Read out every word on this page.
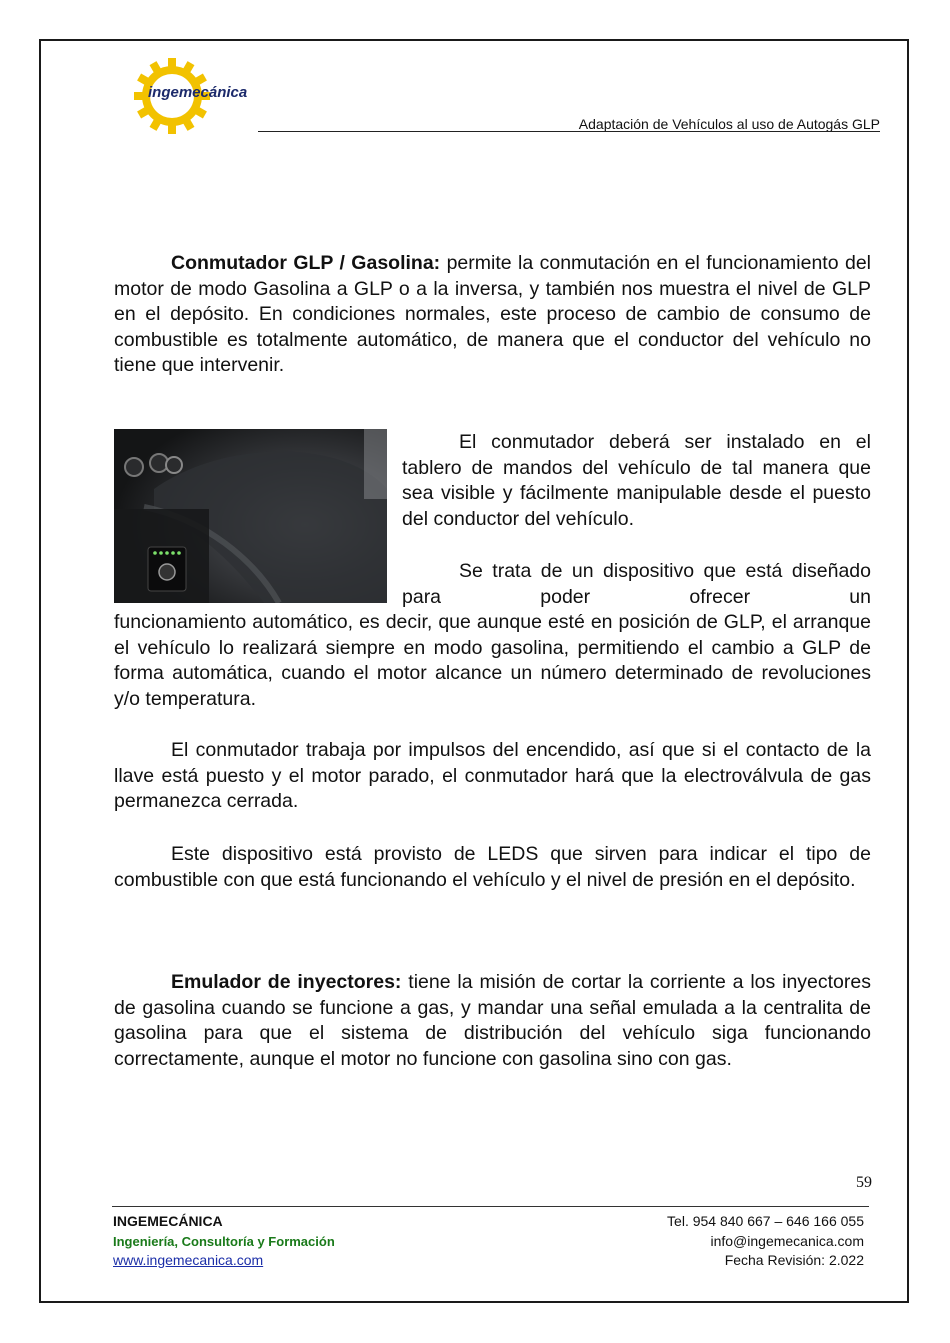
ingemecánica
Adaptación de Vehículos al uso de Autogás GLP
Conmutador GLP / Gasolina: permite la conmutación en el funcionamiento del motor de modo Gasolina a GLP o a la inversa, y también nos muestra el nivel de GLP en el depósito. En condiciones normales, este proceso de cambio de consumo de combustible es totalmente automático, de manera que el conductor del vehículo no tiene que intervenir.
El conmutador deberá ser instalado en el tablero de mandos del vehículo de tal manera que sea visible y fácilmente manipulable desde el puesto del conductor del vehículo.
Se trata de un dispositivo que está diseñado para poder ofrecer un
funcionamiento automático, es decir, que aunque esté en posición de GLP, el arranque el vehículo lo realizará siempre en modo gasolina, permitiendo el cambio a GLP de forma automática, cuando el motor alcance un número determinado de revoluciones y/o temperatura.
El conmutador trabaja por impulsos del encendido, así que si el contacto de la llave está puesto y el motor parado, el conmutador hará que la electroválvula de gas permanezca cerrada.
Este dispositivo está provisto de LEDS que sirven para indicar el tipo de combustible con que está funcionando el vehículo y el nivel de presión en el depósito.
Emulador de inyectores: tiene la misión de cortar la corriente a los inyectores de gasolina cuando se funcione a gas, y mandar una señal emulada a la centralita de gasolina para que el sistema de distribución del vehículo siga funcionando correctamente, aunque el motor no funcione con gasolina sino con gas.
59
INGEMECÁNICA
Ingeniería, Consultoría y Formación
www.ingemecanica.com
Tel. 954 840 667 – 646 166 055
info@ingemecanica.com
Fecha Revisión: 2.022
